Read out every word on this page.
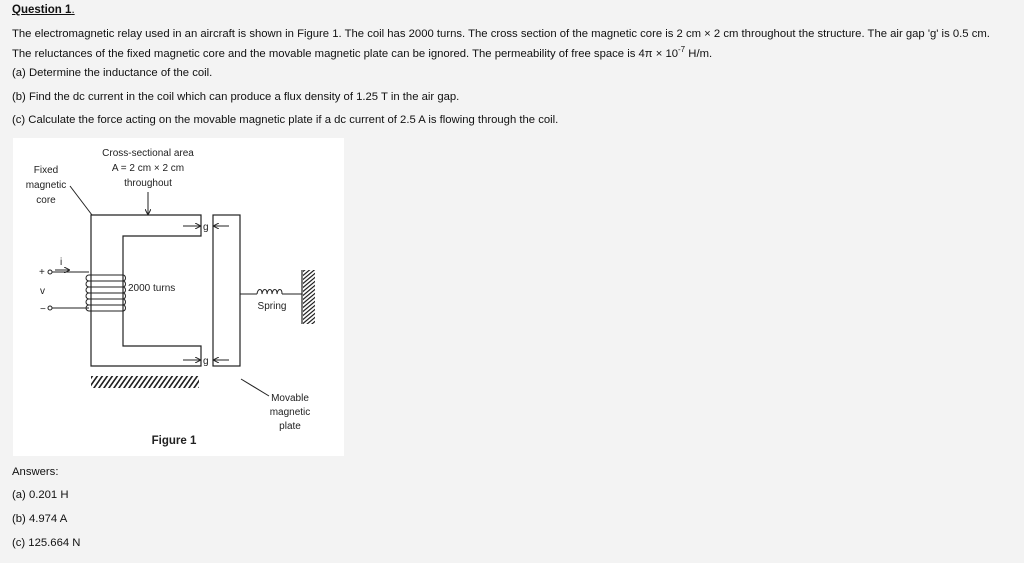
Question 1.
The electromagnetic relay used in an aircraft is shown in Figure 1. The coil has 2000 turns. The cross section of the magnetic core is 2 cm × 2 cm throughout the structure. The air gap 'g' is 0.5 cm. The reluctances of the fixed magnetic core and the movable magnetic plate can be ignored. The permeability of free space is $4\pi \times 10^{-7}$ H/m.
(a) Determine the inductance of the coil.
(b) Find the dc current in the coil which can produce a flux density of 1.25 T in the air gap.
(c) Calculate the force acting on the movable magnetic plate if a dc current of 2.5 A is flowing through the coil.
Answers:
(a) 0.201 H
(b) 4.974 A
(c) 125.664 N
Cross-sectional area
A = 2 cm × 2 cm
throughout
Fixed
magnetic
core
2000 turns
i
+
v
−
g
g
Spring
Movable
magnetic
plate
Figure 1
